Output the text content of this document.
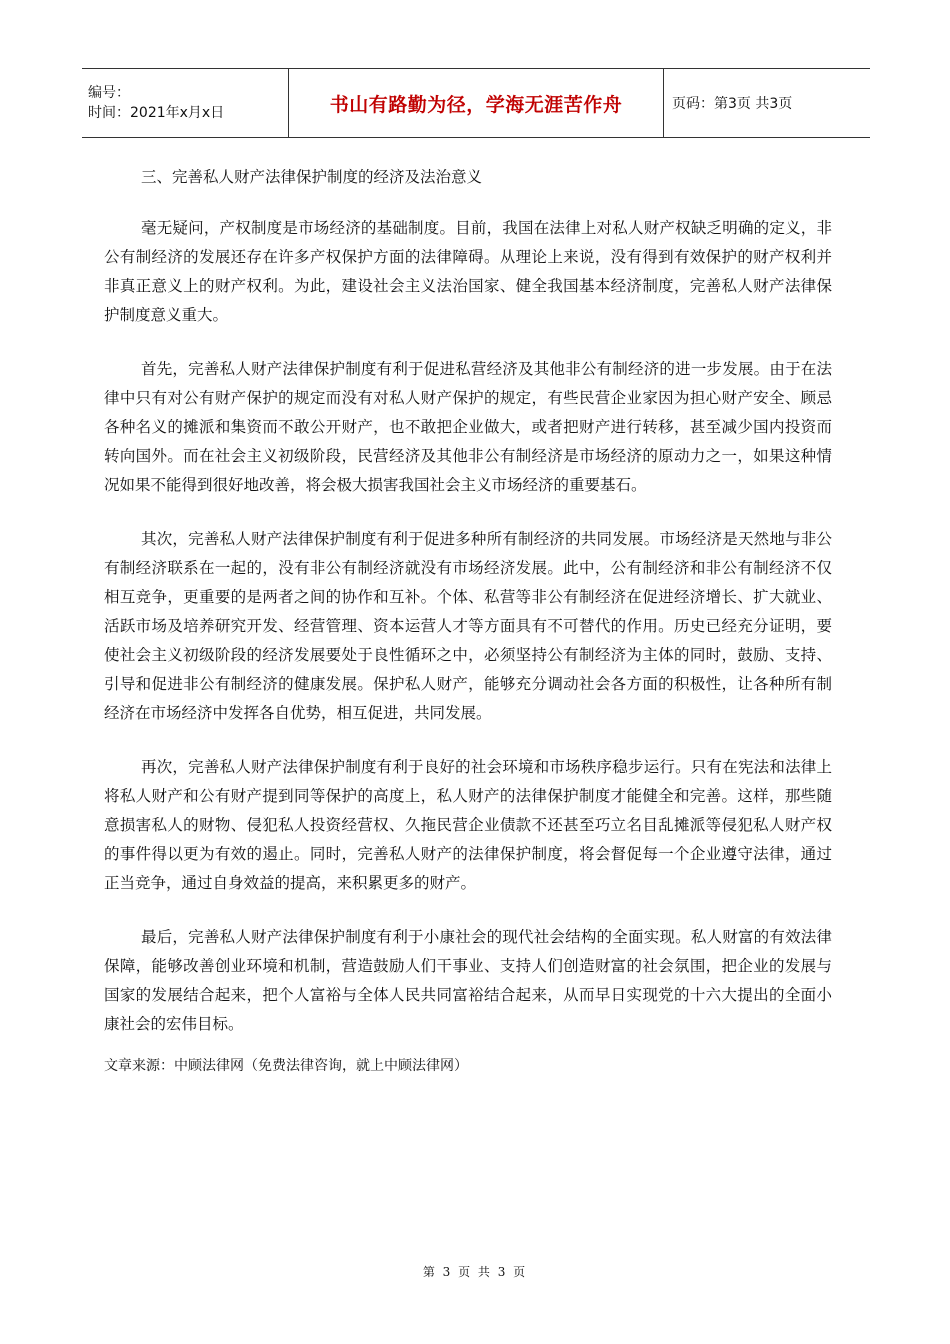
编号：
时间：2021年x月x日	书山有路勤为径，学海无涯苦作舟	页码：第3页 共3页

三、完善私人财产法律保护制度的经济及法治意义

毫无疑问，产权制度是市场经济的基础制度。目前，我国在法律上对私人财产权缺乏明确的定义，非公有制经济的发展还存在许多产权保护方面的法律障碍。从理论上来说，没有得到有效保护的财产权利并非真正意义上的财产权利。为此，建设社会主义法治国家、健全我国基本经济制度，完善私人财产法律保护制度意义重大。

首先，完善私人财产法律保护制度有利于促进私营经济及其他非公有制经济的进一步发展。由于在法律中只有对公有财产保护的规定而没有对私人财产保护的规定，有些民营企业家因为担心财产安全、顾忌各种名义的摊派和集资而不敢公开财产，也不敢把企业做大，或者把财产进行转移，甚至减少国内投资而转向国外。而在社会主义初级阶段，民营经济及其他非公有制经济是市场经济的原动力之一，如果这种情况如果不能得到很好地改善，将会极大损害我国社会主义市场经济的重要基石。

其次，完善私人财产法律保护制度有利于促进多种所有制经济的共同发展。市场经济是天然地与非公有制经济联系在一起的，没有非公有制经济就没有市场经济发展。此中，公有制经济和非公有制经济不仅相互竞争，更重要的是两者之间的协作和互补。个体、私营等非公有制经济在促进经济增长、扩大就业、活跃市场及培养研究开发、经营管理、资本运营人才等方面具有不可替代的作用。历史已经充分证明，要使社会主义初级阶段的经济发展要处于良性循环之中，必须坚持公有制经济为主体的同时，鼓励、支持、引导和促进非公有制经济的健康发展。保护私人财产，能够充分调动社会各方面的积极性，让各种所有制经济在市场经济中发挥各自优势，相互促进，共同发展。

再次，完善私人财产法律保护制度有利于良好的社会环境和市场秩序稳步运行。只有在宪法和法律上将私人财产和公有财产提到同等保护的高度上，私人财产的法律保护制度才能健全和完善。这样，那些随意损害私人的财物、侵犯私人投资经营权、久拖民营企业债款不还甚至巧立名目乱摊派等侵犯私人财产权的事件得以更为有效的遏止。同时，完善私人财产的法律保护制度，将会督促每一个企业遵守法律，通过正当竞争，通过自身效益的提高，来积累更多的财产。

最后，完善私人财产法律保护制度有利于小康社会的现代社会结构的全面实现。私人财富的有效法律保障，能够改善创业环境和机制，营造鼓励人们干事业、支持人们创造财富的社会氛围，把企业的发展与国家的发展结合起来，把个人富裕与全体人民共同富裕结合起来，从而早日实现党的十六大提出的全面小康社会的宏伟目标。

文章来源：中顾法律网（免费法律咨询，就上中顾法律网）
第 3 页 共 3 页
